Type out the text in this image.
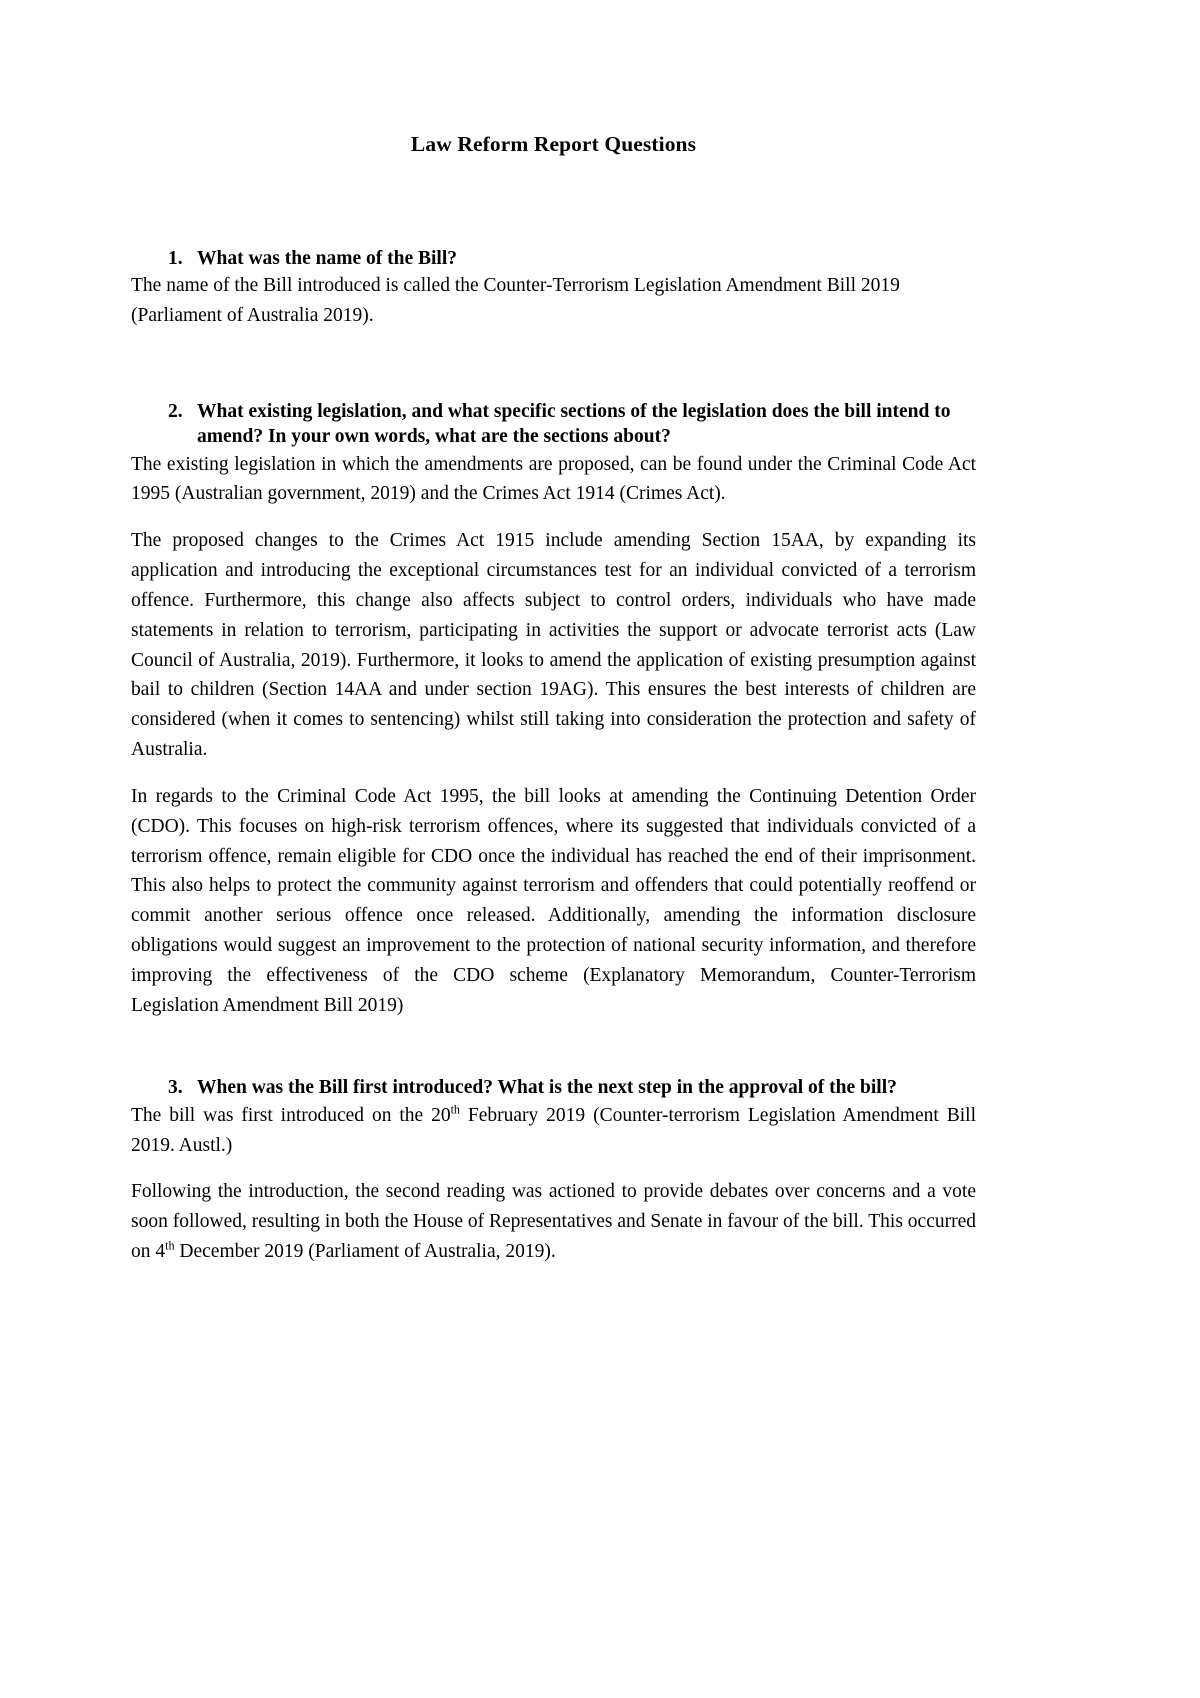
Law Reform Report Questions
1. What was the name of the Bill?

The name of the Bill introduced is called the Counter-Terrorism Legislation Amendment Bill 2019 (Parliament of Australia 2019).

2. What existing legislation, and what specific sections of the legislation does the bill intend to amend? In your own words, what are the sections about?

The existing legislation in which the amendments are proposed, can be found under the Criminal Code Act 1995 (Australian government, 2019) and the Crimes Act 1914 (Crimes Act).

The proposed changes to the Crimes Act 1915 include amending Section 15AA, by expanding its application and introducing the exceptional circumstances test for an individual convicted of a terrorism offence. Furthermore, this change also affects subject to control orders, individuals who have made statements in relation to terrorism, participating in activities the support or advocate terrorist acts (Law Council of Australia, 2019). Furthermore, it looks to amend the application of existing presumption against bail to children (Section 14AA and under section 19AG). This ensures the best interests of children are considered (when it comes to sentencing) whilst still taking into consideration the protection and safety of Australia.

In regards to the Criminal Code Act 1995, the bill looks at amending the Continuing Detention Order (CDO). This focuses on high-risk terrorism offences, where its suggested that individuals convicted of a terrorism offence, remain eligible for CDO once the individual has reached the end of their imprisonment. This also helps to protect the community against terrorism and offenders that could potentially reoffend or commit another serious offence once released. Additionally, amending the information disclosure obligations would suggest an improvement to the protection of national security information, and therefore improving the effectiveness of the CDO scheme (Explanatory Memorandum, Counter-Terrorism Legislation Amendment Bill 2019)

3. When was the Bill first introduced? What is the next step in the approval of the bill?

The bill was first introduced on the 20th February 2019 (Counter-terrorism Legislation Amendment Bill 2019. Austl.)

Following the introduction, the second reading was actioned to provide debates over concerns and a vote soon followed, resulting in both the House of Representatives and Senate in favour of the bill. This occurred on 4th December 2019 (Parliament of Australia, 2019).
